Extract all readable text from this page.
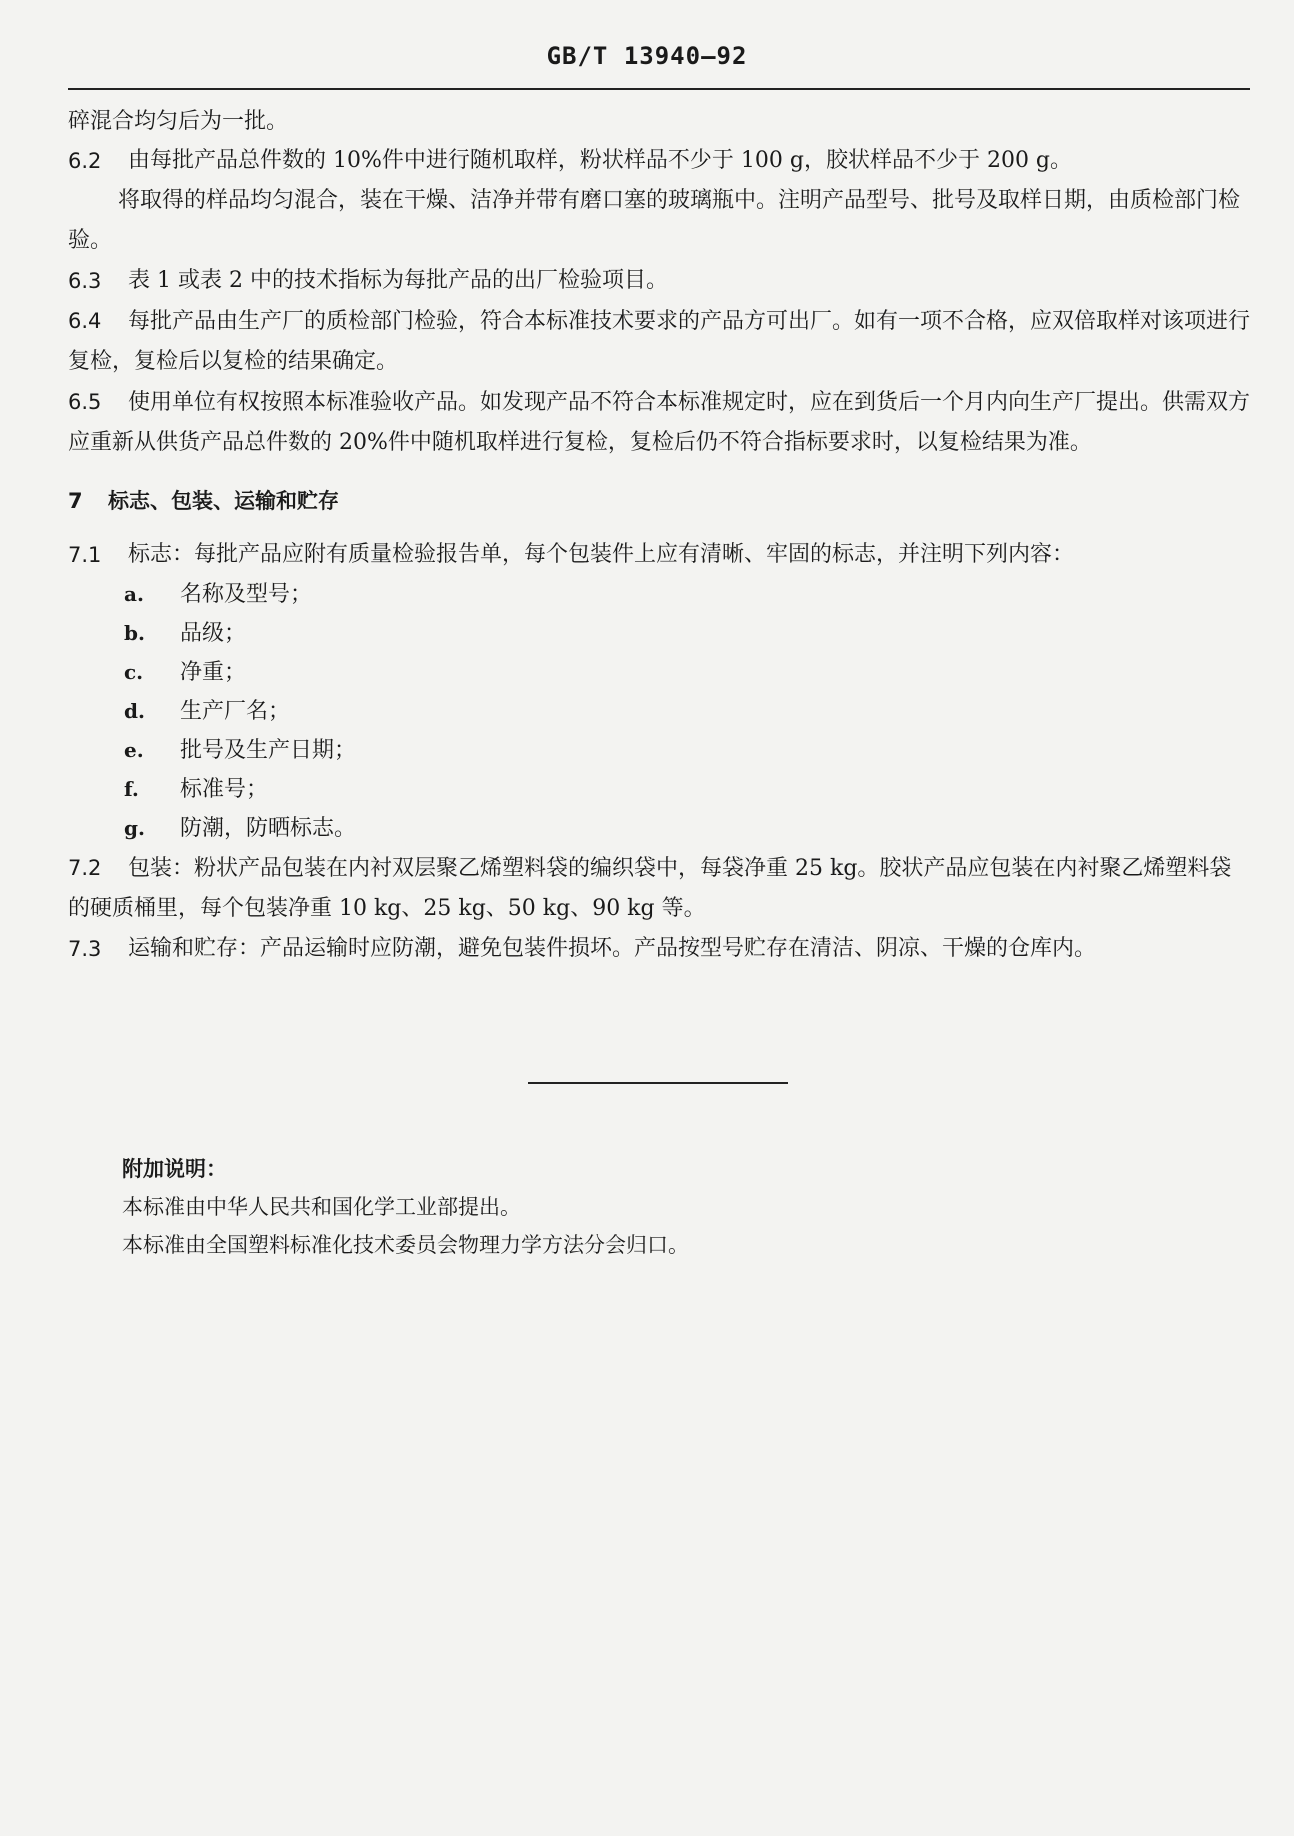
GB/T 13940—92
碎混合均匀后为一批。
6.2	由每批产品总件数的 10%件中进行随机取样，粉状样品不少于 100 g，胶状样品不少于 200 g。
将取得的样品均匀混合，装在干燥、洁净并带有磨口塞的玻璃瓶中。注明产品型号、批号及取样日期，由质检部门检验。
6.3	表 1 或表 2 中的技术指标为每批产品的出厂检验项目。
6.4 每批产品由生产厂的质检部门检验，符合本标准技术要求的产品方可出厂。如有一项不合格，应双倍取样对该项进行复检，复检后以复检的结果确定。
6.5 使用单位有权按照本标准验收产品。如发现产品不符合本标准规定时，应在到货后一个月内向生产厂提出。供需双方应重新从供货产品总件数的 20%件中随机取样进行复检，复检后仍不符合指标要求时，以复检结果为准。
7	标志、包装、运输和贮存
7.1	标志：每批产品应附有质量检验报告单，每个包装件上应有清晰、牢固的标志，并注明下列内容：
a.	名称及型号；
b.	品级；
c.	净重；
d.	生产厂名；
e.	批号及生产日期；
f.	标准号；
g.	防潮，防晒标志。
7.2 包装：粉状产品包装在内衬双层聚乙烯塑料袋的编织袋中，每袋净重 25 kg。胶状产品应包装在内衬聚乙烯塑料袋的硬质桶里，每个包装净重 10 kg、25 kg、50 kg、90 kg 等。
7.3	运输和贮存：产品运输时应防潮，避免包装件损坏。产品按型号贮存在清洁、阴凉、干燥的仓库内。
附加说明：
本标准由中华人民共和国化学工业部提出。
本标准由全国塑料标准化技术委员会物理力学方法分会归口。
